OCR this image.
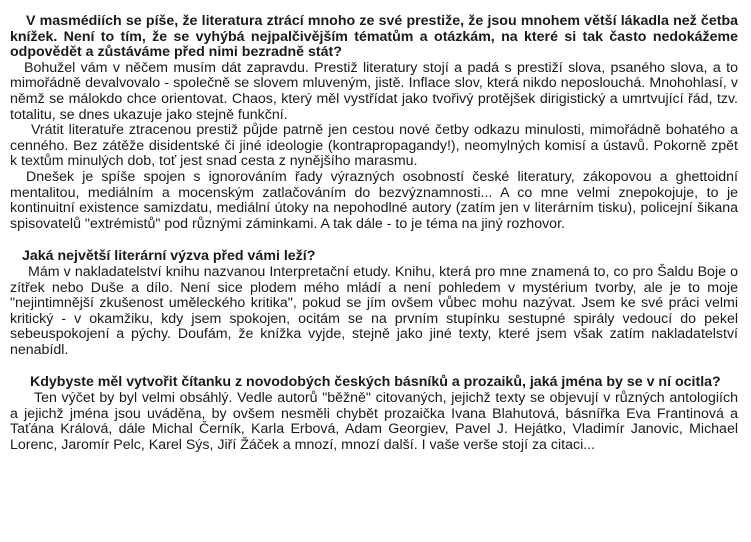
V masmédiích se píše, že literatura ztrácí mnoho ze své prestiže, že jsou mnohem větší lákadla než četba knížek. Není to tím, že se vyhýbá nejpalčivějším tématům a otázkám, na které si tak často nedokážeme odpovědět a zůstáváme před nimi bezradně stát?

Bohužel vám v něčem musím dát zapravdu. Prestiž literatury stojí a padá s prestiží slova, psaného slova, a to mimořádně devalvovalo - společně se slovem mluveným, jistě. Inflace slov, která nikdo neposlouchá. Mnohohlasí, v němž se málokdo chce orientovat. Chaos, který měl vystřídat jako tvořivý protějšek dirigistický a umrtvující řád, tzv. totalitu, se dnes ukazuje jako stejně funkční.

Vrátit literatuře ztracenou prestiž půjde patrně jen cestou nové četby odkazu minulosti, mimořádně bohatého a cenného. Bez zátěže disidentské či jiné ideologie (kontrapropagandy!), neomylných komisí a ústavů. Pokorně zpět k textům minulých dob, toť jest snad cesta z nynějšího marasmu.

Dnešek je spíše spojen s ignorováním řady výrazných osobností české literatury, zákopovou a ghettoidní mentalitou, mediálním a mocenským zatlačováním do bezvýznamnosti... A co mne velmi znepokojuje, to je kontinuitní existence samizdatu, mediální útoky na nepohodlné autory (zatím jen v literárním tisku), policejní šikana spisovatelů "extrémistů" pod různými záminkami. A tak dále - to je téma na jiný rozhovor.

Jaká největší literární výzva před vámi leží?

Mám v nakladatelství knihu nazvanou Interpretační etudy. Knihu, která pro mne znamená to, co pro Šaldu Boje o zítřek nebo Duše a dílo. Není sice plodem mého mládí a není pohledem v mystérium tvorby, ale je to moje "nejintimnější zkušenost uměleckého kritika", pokud se jím ovšem vůbec mohu nazývat. Jsem ke své práci velmi kritický - v okamžiku, kdy jsem spokojen, ocitám se na prvním stupínku sestupné spirály vedoucí do pekel sebeuspokojení a pýchy. Doufám, že knížka vyjde, stejně jako jiné texty, které jsem však zatím nakladatelství nenabídl.

Kdybyste měl vytvořit čítanku z novodobých českých básníků a prozaiků, jaká jména by se v ní ocitla?

Ten výčet by byl velmi obsáhlý. Vedle autorů "běžně" citovaných, jejichž texty se objevují v různých antologiích a jejichž jména jsou uváděna, by ovšem nesměli chybět prozaička Ivana Blahutová, básnířka Eva Frantinová a Taťána Králová, dále Michal Černík, Karla Erbová, Adam Georgiev, Pavel J. Hejátko, Vladimír Janovic, Michael Lorenc, Jaromír Pelc, Karel Sýs, Jiří Žáček a mnozí, mnozí další. I vaše verše stojí za citaci...
